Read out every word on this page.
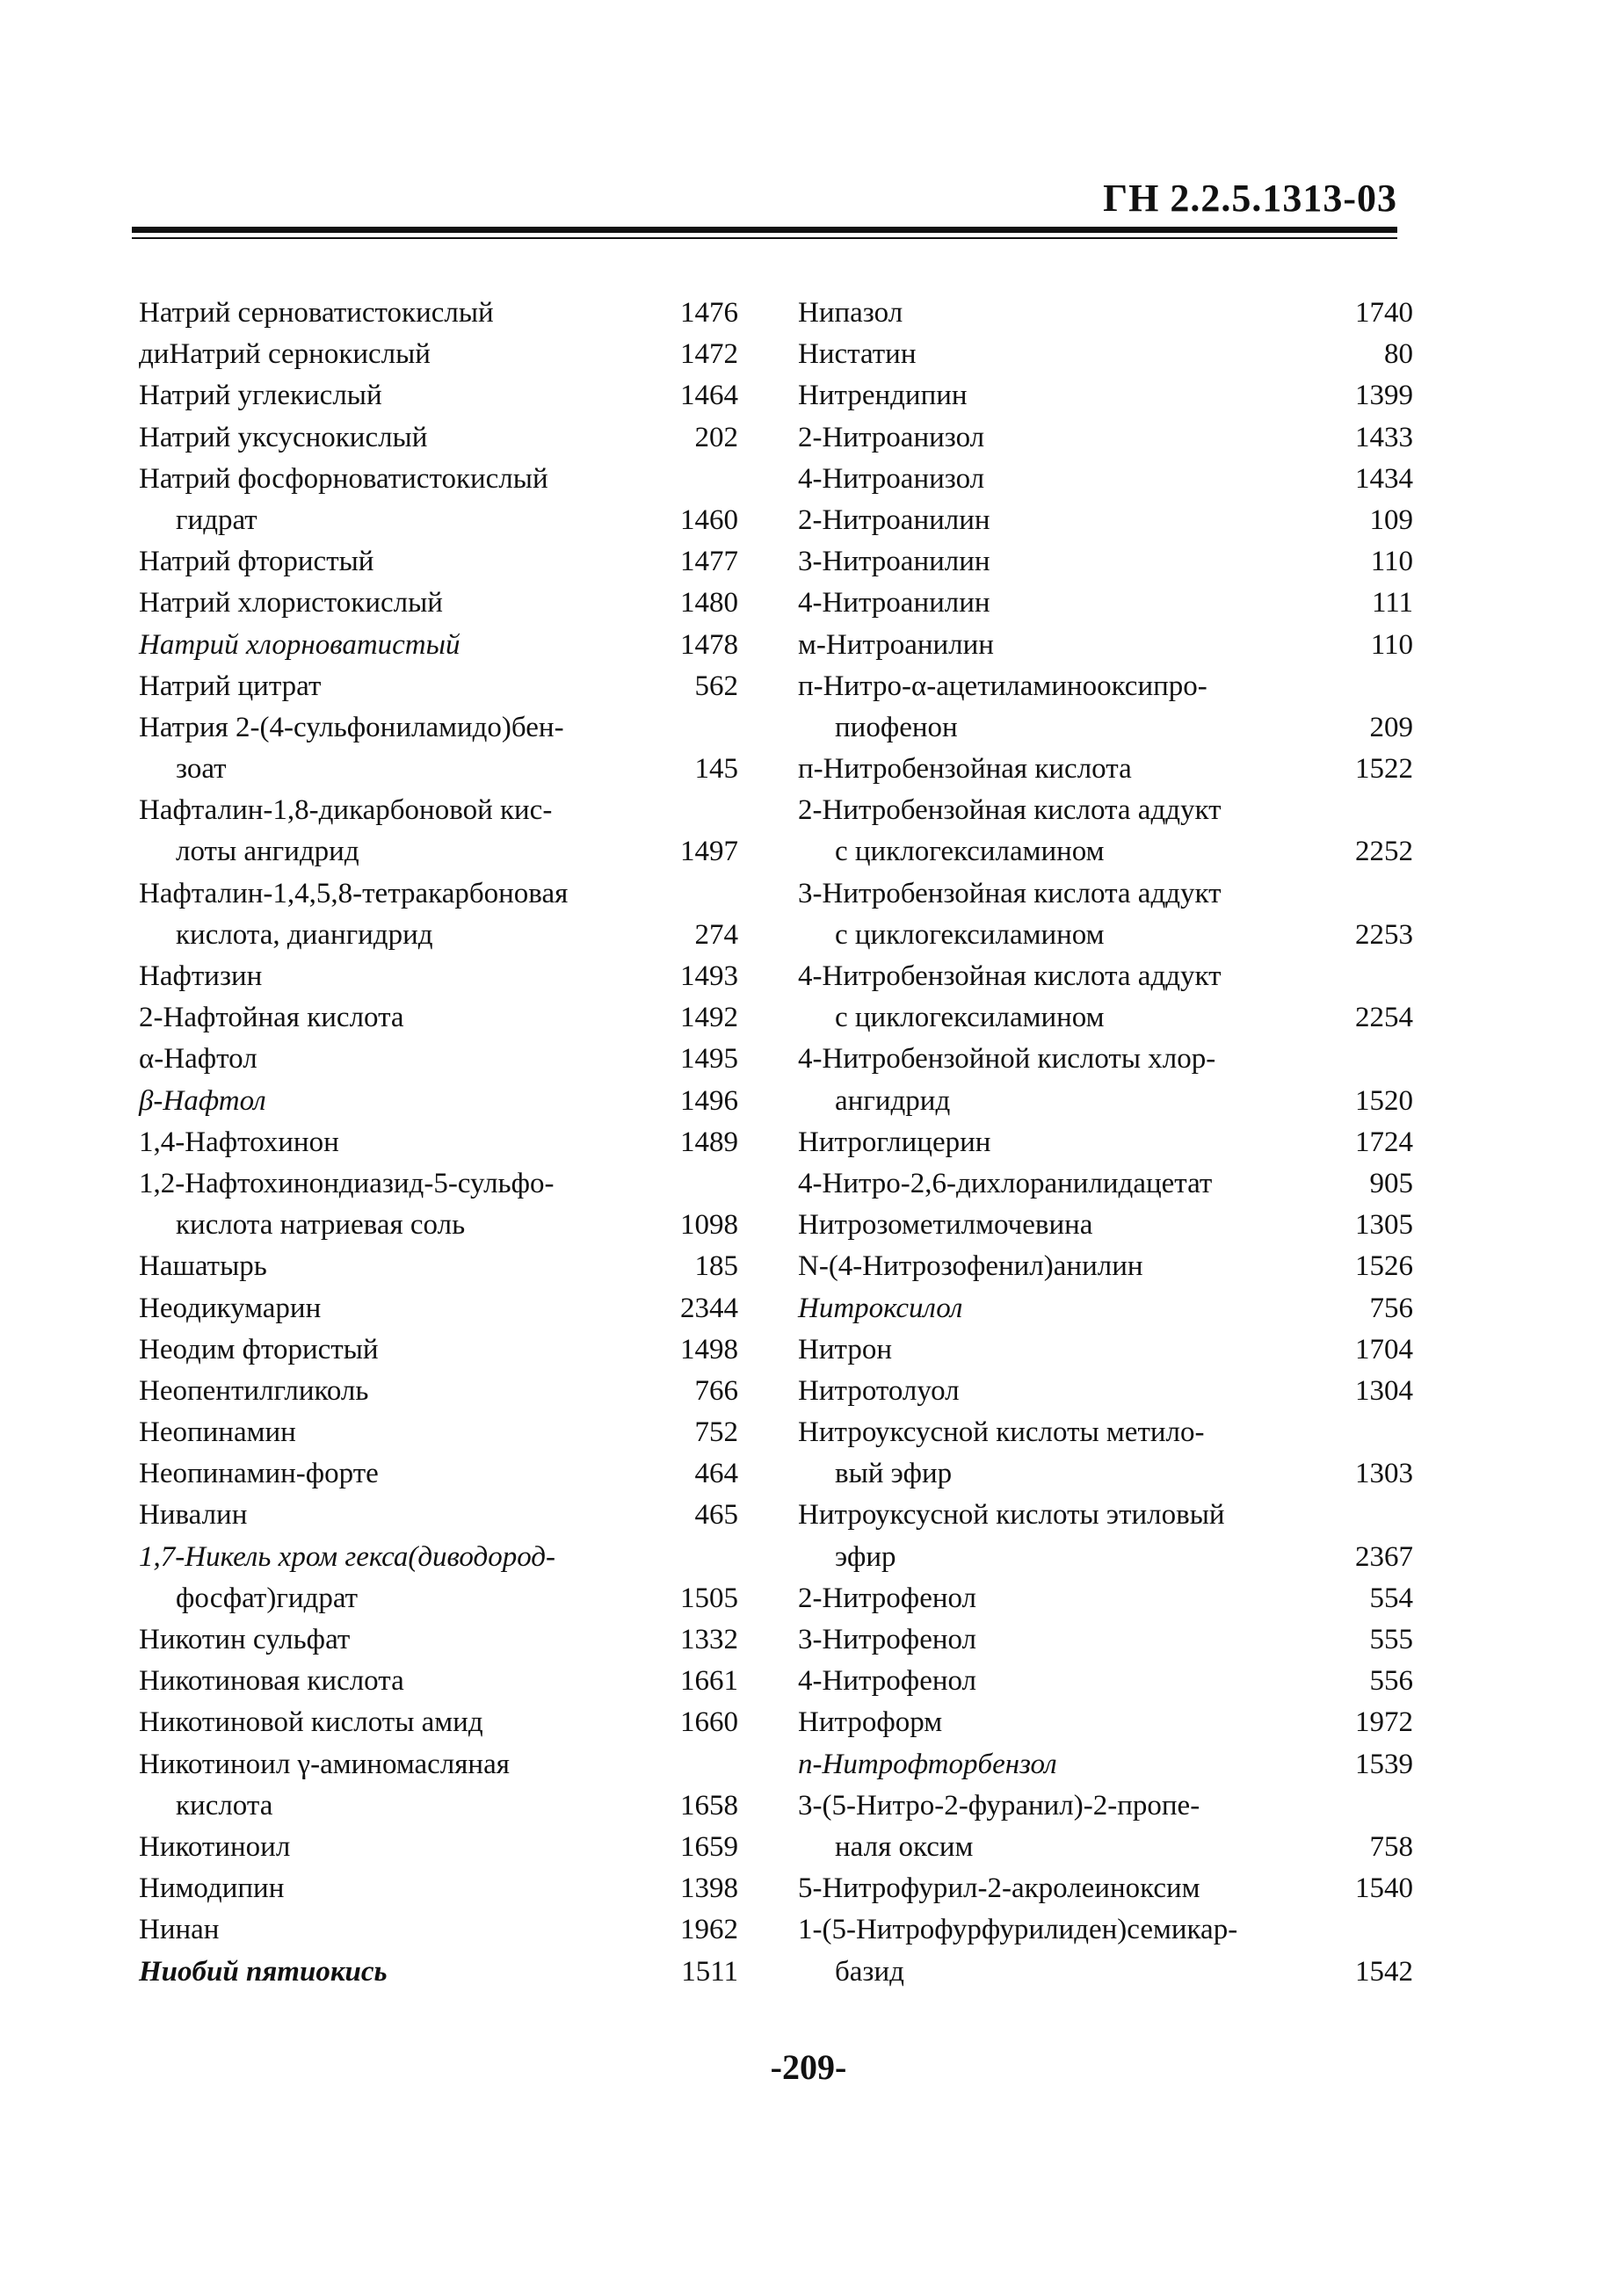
ГН 2.2.5.1313-03
Натрий серноватистокислый	1476
диНатрий сернокислый	1472
Натрий углекислый	1464
Натрий уксуснокислый	202
Натрий фосфорноватистокислый
гидрат	1460
Натрий фтористый	1477
Натрий хлористокислый	1480
Натрий хлорноватистый	1478
Натрий цитрат	562
Натрия 2-(4-сульфониламидо)бен-
зоат	145
Нафталин-1,8-дикарбоновой кис-
лоты ангидрид	1497
Нафталин-1,4,5,8-тетракарбоновая
кислота, диангидрид	274
Нафтизин	1493
2-Нафтойная кислота	1492
α-Нафтол	1495
β-Нафтол	1496
1,4-Нафтохинон	1489
1,2-Нафтохинондиазид-5-сульфо-
кислота натриевая соль	1098
Нашатырь	185
Неодикумарин	2344
Неодим фтористый	1498
Неопентилгликоль	766
Неопинамин	752
Неопинамин-форте	464
Нивалин	465
1,7-Никель хром гекса(диводород-
фосфат)гидрат	1505
Никотин сульфат	1332
Никотиновая кислота	1661
Никотиновой кислоты амид	1660
Никотиноил γ-аминомасляная
кислота	1658
Никотиноил	1659
Нимодипин	1398
Нинан	1962
Ниобий пятиокись	1511
Нипазол	1740
Нистатин	80
Нитрендипин	1399
2-Нитроанизол	1433
4-Нитроанизол	1434
2-Нитроанилин	109
3-Нитроанилин	110
4-Нитроанилин	111
м-Нитроанилин	110
п-Нитро-α-ацетиламинооксипро-
пиофенон	209
п-Нитробензойная кислота	1522
2-Нитробензойная кислота аддукт
с циклогексиламином	2252
3-Нитробензойная кислота аддукт
с циклогексиламином	2253
4-Нитробензойная кислота аддукт
с циклогексиламином	2254
4-Нитробензойной кислоты хлор-
ангидрид	1520
Нитроглицерин	1724
4-Нитро-2,6-дихлоранилидацетат	905
Нитрозометилмочевина	1305
N-(4-Нитрозофенил)анилин	1526
Нитроксилол	756
Нитрон	1704
Нитротолуол	1304
Нитроуксусной кислоты метило-
вый эфир	1303
Нитроуксусной кислоты этиловый
эфир	2367
2-Нитрофенол	554
3-Нитрофенол	555
4-Нитрофенол	556
Нитроформ	1972
п-Нитрофторбензол	1539
3-(5-Нитро-2-фуранил)-2-пропе-
наля оксим	758
5-Нитрофурил-2-акролеиноксим	1540
1-(5-Нитрофурфурилиден)семикар-
базид	1542
-209-
